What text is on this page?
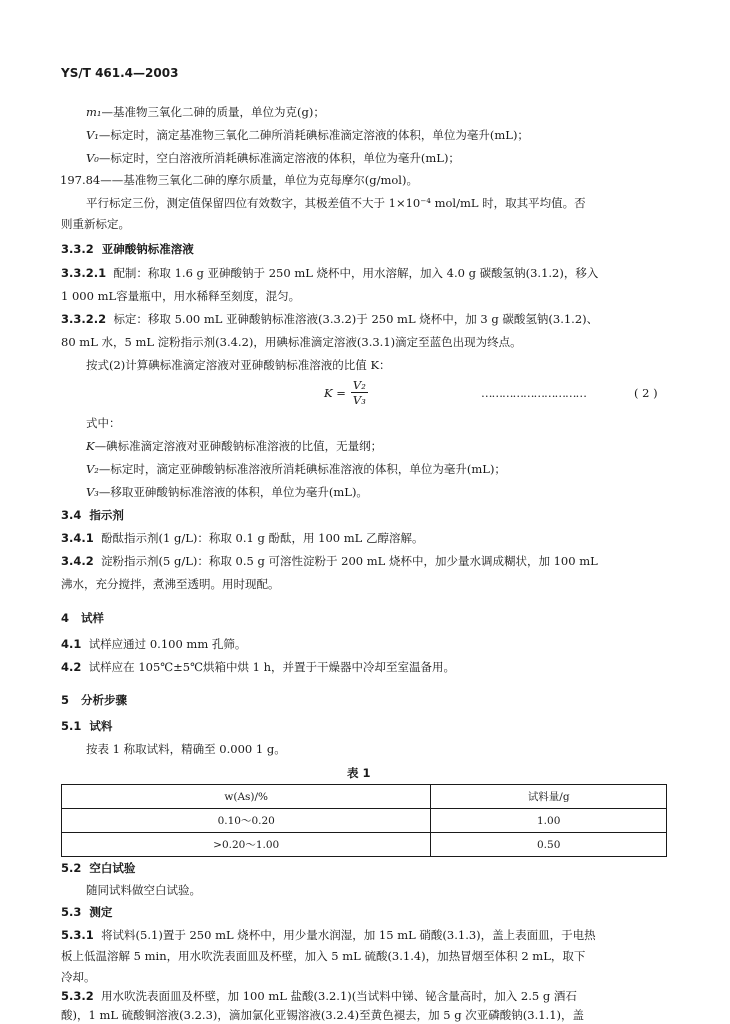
YS/T 461.4—2003
m₁—基准物三氧化二砷的质量，单位为克(g)；
V₁—标定时，滴定基准物三氧化二砷所消耗碘标准滴定溶液的体积，单位为毫升(mL)；
V₀—标定时，空白溶液所消耗碘标准滴定溶液的体积，单位为毫升(mL)；
197.84——基准物三氧化二砷的摩尔质量，单位为克每摩尔(g/mol)。
平行标定三份，测定值保留四位有效数字，其极差值不大于 1×10⁻⁴ mol/mL 时，取其平均值。否
则重新标定。
3.3.2 亚砷酸钠标准溶液
3.3.2.1 配制：称取 1.6 g 亚砷酸钠于 250 mL 烧杯中，用水溶解，加入 4.0 g 碳酸氢钠(3.1.2)，移入
1 000 mL容量瓶中，用水稀释至刻度，混匀。
3.3.2.2 标定：移取 5.00 mL 亚砷酸钠标准溶液(3.3.2)于 250 mL 烧杯中，加 3 g 碳酸氢钠(3.1.2)、
80 mL 水，5 mL 淀粉指示剂(3.4.2)，用碘标准滴定溶液(3.3.1)滴定至蓝色出现为终点。
按式(2)计算碘标准滴定溶液对亚砷酸钠标准溶液的比值 K：
$K = \frac{\text{V₂}}{\text{V₃}}$	…………………………	( 2 )
式中：
K—碘标准滴定溶液对亚砷酸钠标准溶液的比值，无量纲；
V₂—标定时，滴定亚砷酸钠标准溶液所消耗碘标准溶液的体积，单位为毫升(mL)；
V₃—移取亚砷酸钠标准溶液的体积，单位为毫升(mL)。
3.4 指示剂
3.4.1 酚酞指示剂(1 g/L)：称取 0.1 g 酚酞，用 100 mL 乙醇溶解。
3.4.2 淀粉指示剂(5 g/L)：称取 0.5 g 可溶性淀粉于 200 mL 烧杯中，加少量水调成糊状，加 100 mL
沸水，充分搅拌，煮沸至透明。用时现配。
4 试样
4.1 试样应通过 0.100 mm 孔筛。
4.2 试样应在 105℃±5℃烘箱中烘 1 h，并置于干燥器中冷却至室温备用。
5 分析步骤
5.1 试料
按表 1 称取试料，精确至 0.000 1 g。
表 1
w(As)/%	试料量/g
0.10～0.20	1.00
>0.20～1.00	0.50
5.2 空白试验
随同试料做空白试验。
5.3 测定
5.3.1 将试料(5.1)置于 250 mL 烧杯中，用少量水润湿，加 15 mL 硝酸(3.1.3)，盖上表面皿，于电热
板上低温溶解 5 min，用水吹洗表面皿及杯壁，加入 5 mL 硫酸(3.1.4)，加热冒烟至体积 2 mL，取下
冷却。
5.3.2 用水吹洗表面皿及杯壁，加 100 mL 盐酸(3.2.1)(当试料中锑、铋含量高时，加入 2.5 g 酒石
酸)，1 mL 硫酸铜溶液(3.2.3)，滴加氯化亚锡溶液(3.2.4)至黄色褪去，加 5 g 次亚磷酸钠(3.1.1)，盖
